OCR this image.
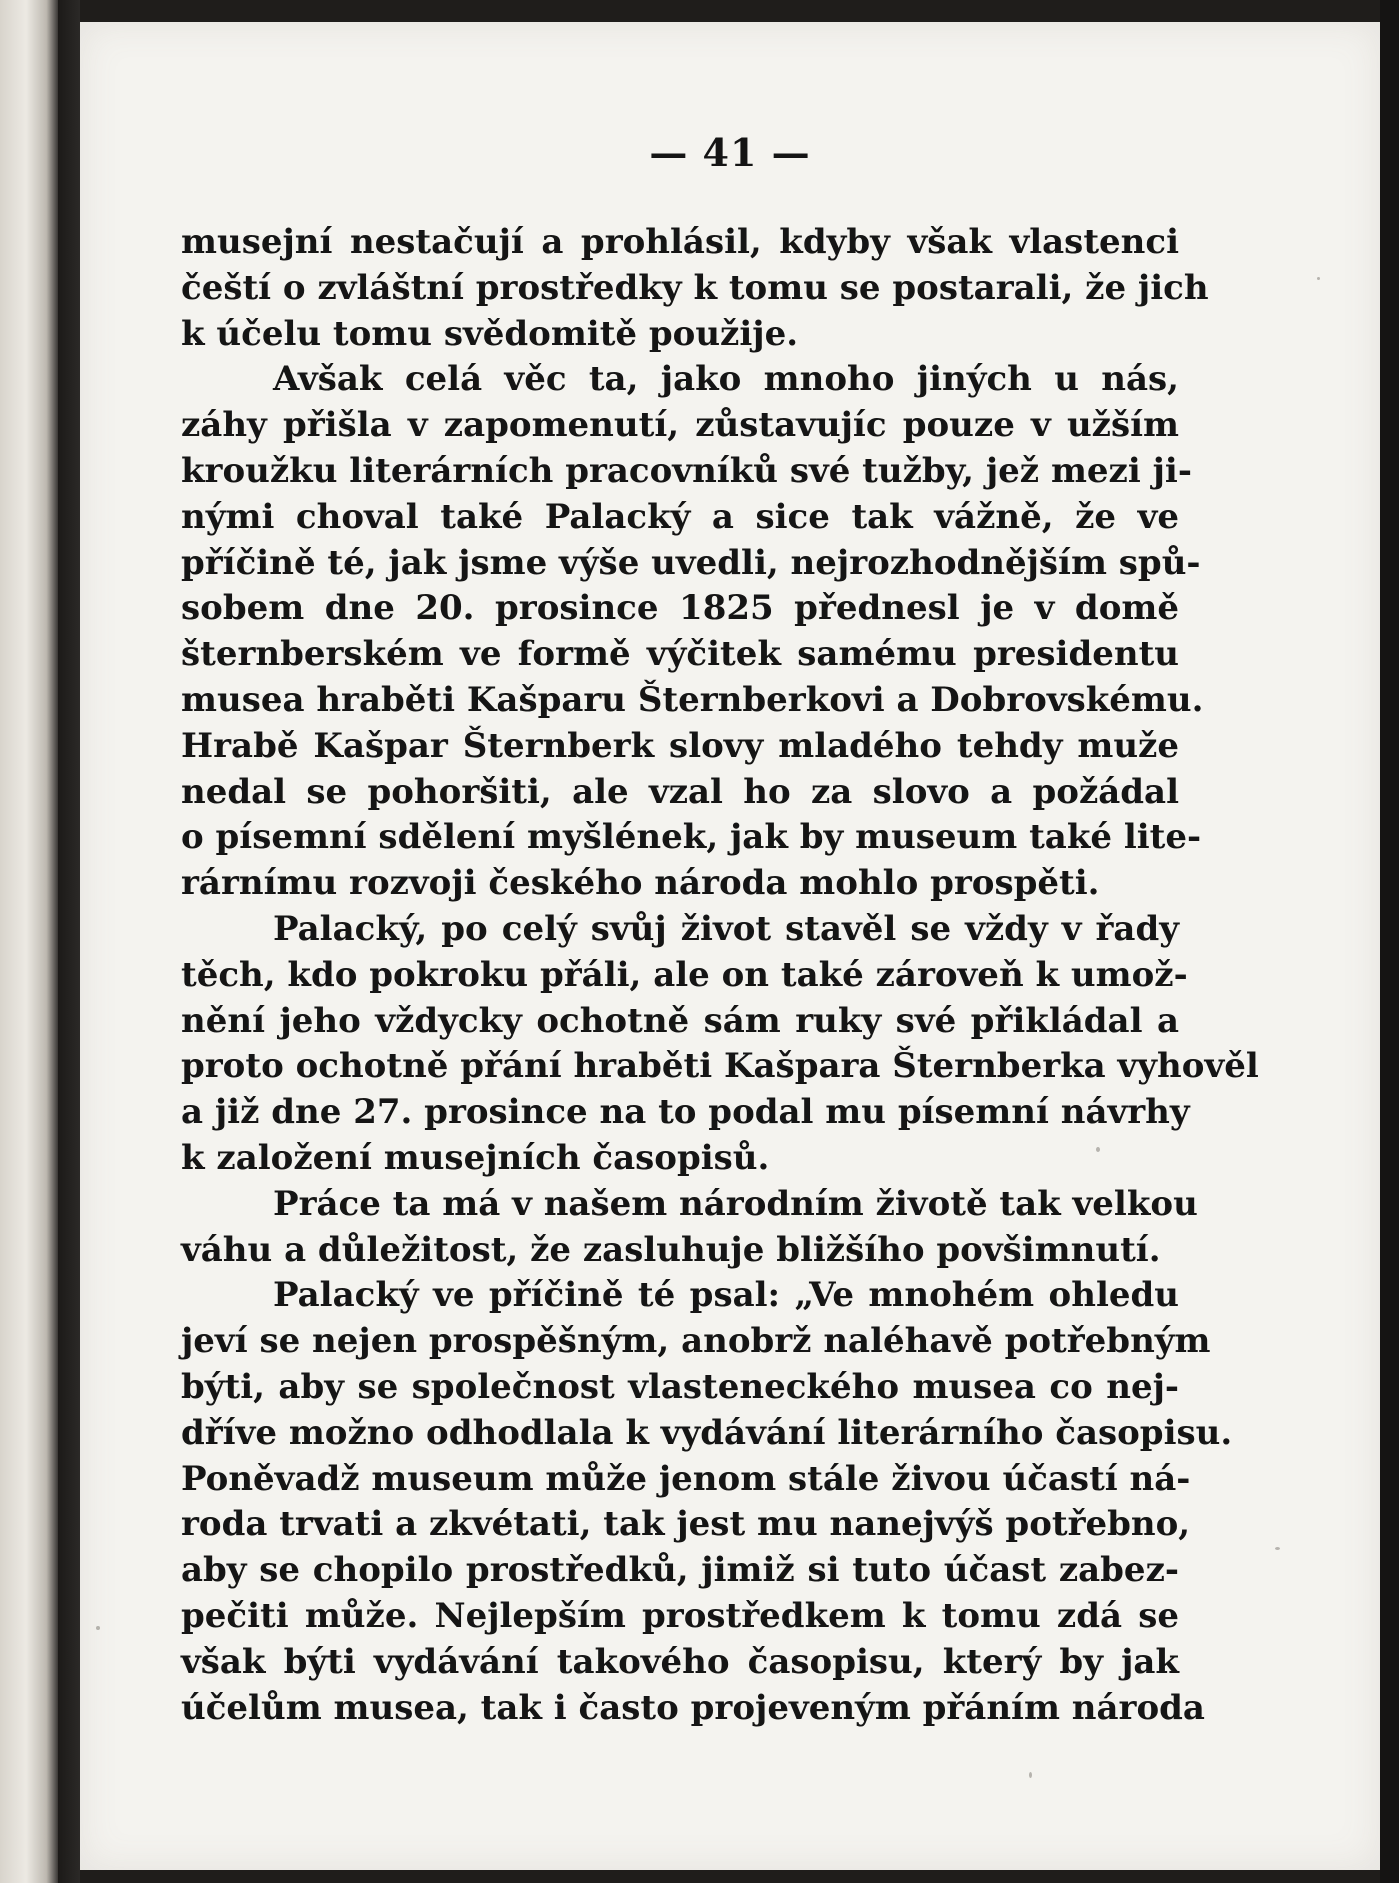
— 41 —
musejní nestačují a prohlásil, kdyby však vlastenci
čeští o zvláštní prostředky k tomu se postarali, že jich
k účelu tomu svědomitě použije.
Avšak celá věc ta, jako mnoho jiných u nás,
záhy přišla v zapomenutí, zůstavujíc pouze v užším
kroužku literárních pracovníků své tužby, jež mezi ji-
nými choval také Palacký a sice tak vážně, že ve
příčině té, jak jsme výše uvedli, nejrozhodnějším spů-
sobem dne 20. prosince 1825 přednesl je v domě
šternberském ve formě výčitek samému presidentu
musea hraběti Kašparu Šternberkovi a Dobrovskému.
Hrabě Kašpar Šternberk slovy mladého tehdy muže
nedal se pohoršiti, ale vzal ho za slovo a požádal
o písemní sdělení myšlének, jak by museum také lite-
rárnímu rozvoji českého národa mohlo prospěti.
Palacký, po celý svůj život stavěl se vždy v řady
těch, kdo pokroku přáli, ale on také zároveň k umož-
nění jeho vždycky ochotně sám ruky své přikládal a
proto ochotně přání hraběti Kašpara Šternberka vyhověl
a již dne 27. prosince na to podal mu písemní návrhy
k založení musejních časopisů.
Práce ta má v našem národním životě tak velkou
váhu a důležitost, že zasluhuje bližšího povšimnutí.
Palacký ve příčině té psal: „Ve mnohém ohledu
jeví se nejen prospěšným, anobrž naléhavě potřebným
býti, aby se společnost vlasteneckého musea co nej-
dříve možno odhodlala k vydávání literárního časopisu.
Poněvadž museum může jenom stále živou účastí ná-
roda trvati a zkvétati, tak jest mu nanejvýš potřebno,
aby se chopilo prostředků, jimiž si tuto účast zabez-
pečiti může. Nejlepším prostředkem k tomu zdá se
však býti vydávání takového časopisu, který by jak
účelům musea, tak i často projeveným přáním národa
